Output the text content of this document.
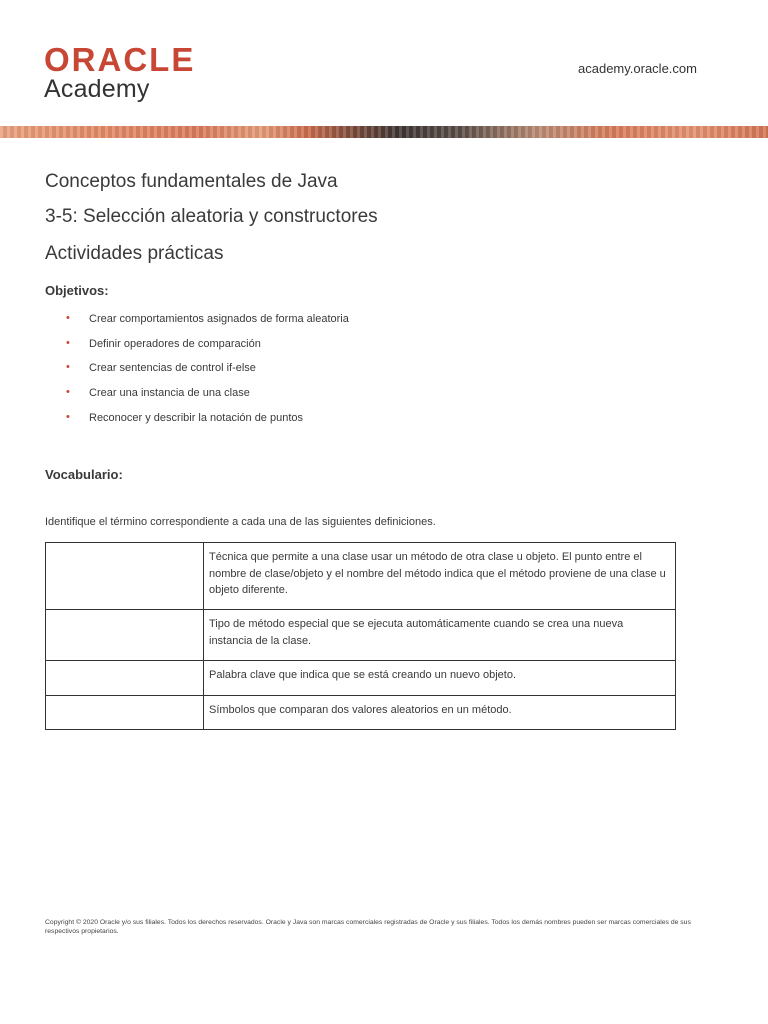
ORACLE
Academy
academy.oracle.com
Conceptos fundamentales de Java
3-5: Selección aleatoria y constructores
Actividades prácticas
Objetivos:
• Crear comportamientos asignados de forma aleatoria
• Definir operadores de comparación
• Crear sentencias de control if-else
• Crear una instancia de una clase
• Reconocer y describir la notación de puntos
Vocabulario:
Identifique el término correspondiente a cada una de las siguientes definiciones.
	Técnica que permite a una clase usar un método de otra clase u objeto. El punto entre el nombre de clase/objeto y el nombre del método indica que el método proviene de una clase u objeto diferente.
	Tipo de método especial que se ejecuta automáticamente cuando se crea una nueva instancia de la clase.
	Palabra clave que indica que se está creando un nuevo objeto.
	Símbolos que comparan dos valores aleatorios en un método.
Copyright © 2020 Oracle y/o sus filiales. Todos los derechos reservados. Oracle y Java son marcas comerciales registradas de Oracle y sus filiales. Todos los demás nombres pueden ser marcas comerciales de sus respectivos propietarios.
